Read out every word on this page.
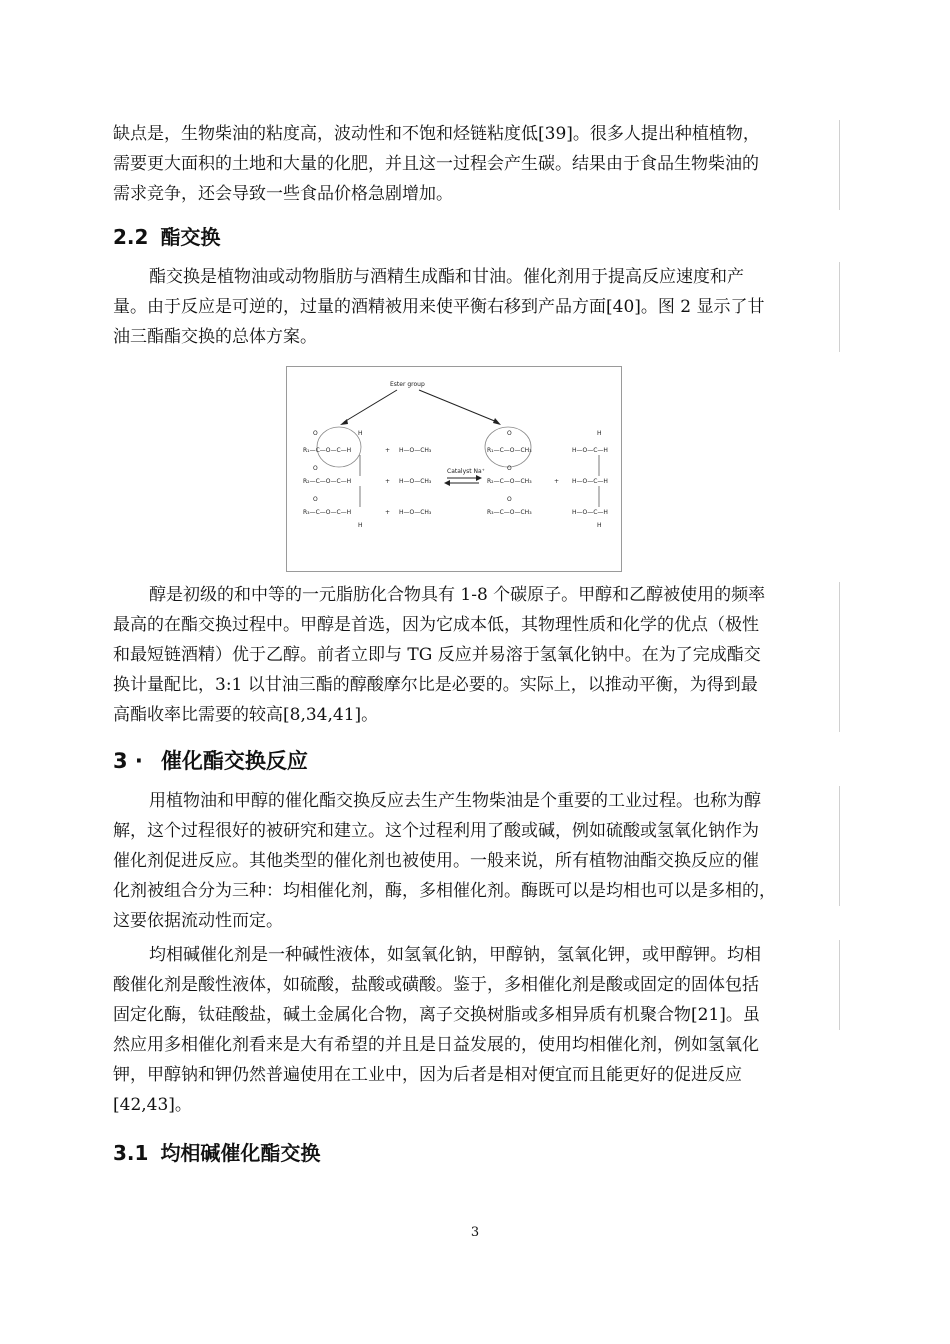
缺点是，生物柴油的粘度高，波动性和不饱和烃链粘度低[39]。很多人提出种植植物，
需要更大面积的土地和大量的化肥，并且这一过程会产生碳。结果由于食品生物柴油的
需求竞争，还会导致一些食品价格急剧增加。

2.2 酯交换

酯交换是植物油或动物脂肪与酒精生成酯和甘油。催化剂用于提高反应速度和产
量。由于反应是可逆的，过量的酒精被用来使平衡右移到产品方面[40]。图 2 显示了甘
油三酯酯交换的总体方案。

Ester group
O	H
R₁—C—O—C—H
O
R₂—C—O—C—H
O
R₃—C—O—C—H
H
+ H—O—CH₃
+ H—O—CH₃
+ H—O—CH₃
Catalyst Na⁺
O
R₁—C—O—CH₃
O
R₂—C—O—CH₃
O
R₃—C—O—CH₃
+
H
H—O—C—H
H—O—C—H
H—O—C—H
H

醇是初级的和中等的一元脂肪化合物具有 1-8 个碳原子。甲醇和乙醇被使用的频率
最高的在酯交换过程中。甲醇是首选，因为它成本低，其物理性质和化学的优点（极性
和最短链酒精）优于乙醇。前者立即与 TG 反应并易溶于氢氧化钠中。在为了完成酯交
换计量配比，3:1 以甘油三酯的醇酸摩尔比是必要的。实际上，以推动平衡，为得到最
高酯收率比需要的较高[8,34,41]。

3 · 催化酯交换反应

用植物油和甲醇的催化酯交换反应去生产生物柴油是个重要的工业过程。也称为醇
解，这个过程很好的被研究和建立。这个过程利用了酸或碱，例如硫酸或氢氧化钠作为
催化剂促进反应。其他类型的催化剂也被使用。一般来说，所有植物油酯交换反应的催
化剂被组合分为三种：均相催化剂，酶，多相催化剂。酶既可以是均相也可以是多相的，
这要依据流动性而定。

均相碱催化剂是一种碱性液体，如氢氧化钠，甲醇钠，氢氧化钾，或甲醇钾。均相
酸催化剂是酸性液体，如硫酸，盐酸或磺酸。鉴于，多相催化剂是酸或固定的固体包括
固定化酶，钛硅酸盐，碱土金属化合物，离子交换树脂或多相异质有机聚合物[21]。虽
然应用多相催化剂看来是大有希望的并且是日益发展的，使用均相催化剂，例如氢氧化
钾，甲醇钠和钾仍然普遍使用在工业中，因为后者是相对便宜而且能更好的促进反应
[42,43]。

3.1 均相碱催化酯交换
3
